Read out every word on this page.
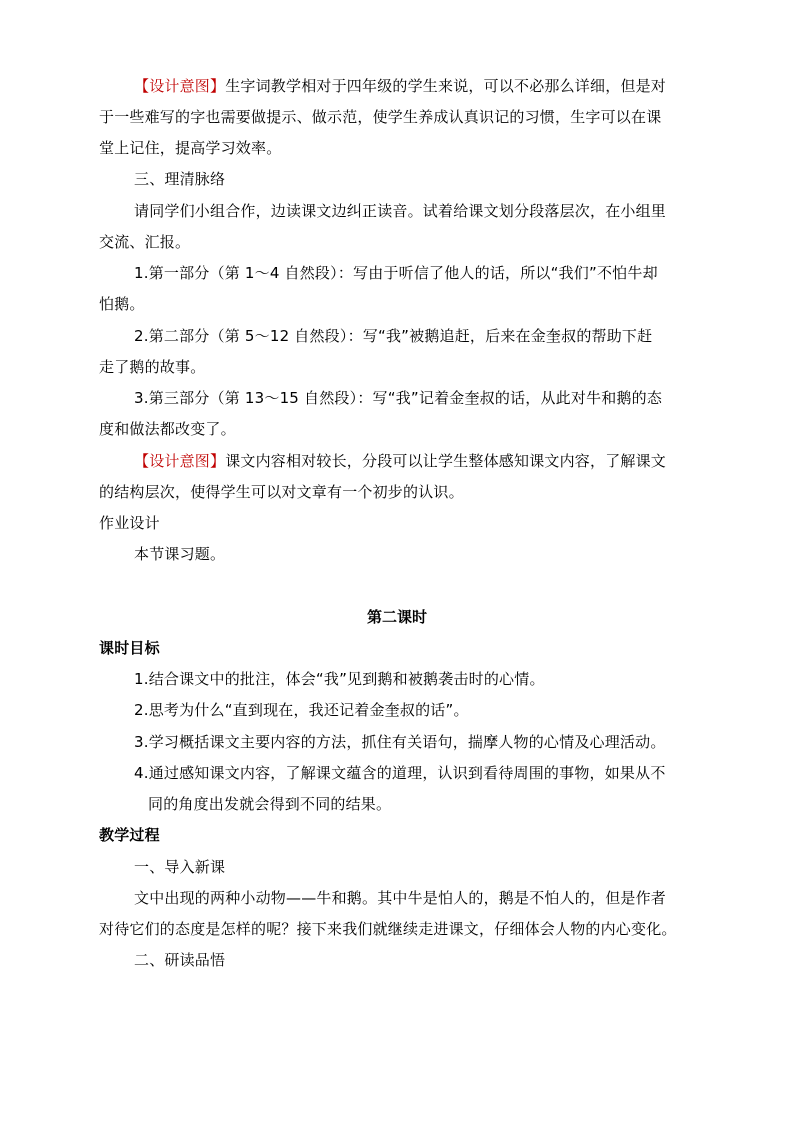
【设计意图】生字词教学相对于四年级的学生来说，可以不必那么详细，但是对
于一些难写的字也需要做提示、做示范，使学生养成认真识记的习惯，生字可以在课
堂上记住，提高学习效率。
三、理清脉络
请同学们小组合作，边读课文边纠正读音。试着给课文划分段落层次，在小组里
交流、汇报。
1.第一部分（第 1～4 自然段）：写由于听信了他人的话，所以“我们”不怕牛却
怕鹅。
2.第二部分（第 5～12 自然段）：写“我”被鹅追赶，后来在金奎叔的帮助下赶
走了鹅的故事。
3.第三部分（第 13～15 自然段）：写“我”记着金奎叔的话，从此对牛和鹅的态
度和做法都改变了。
【设计意图】课文内容相对较长，分段可以让学生整体感知课文内容，了解课文
的结构层次，使得学生可以对文章有一个初步的认识。
作业设计
本节课习题。
第二课时
课时目标
1.结合课文中的批注，体会“我”见到鹅和被鹅袭击时的心情。
2.思考为什么“直到现在，我还记着金奎叔的话”。
3.学习概括课文主要内容的方法，抓住有关语句，揣摩人物的心情及心理活动。
4.通过感知课文内容，了解课文蕴含的道理，认识到看待周围的事物，如果从不
同的角度出发就会得到不同的结果。
教学过程
一、导入新课
文中出现的两种小动物——牛和鹅。其中牛是怕人的，鹅是不怕人的，但是作者
对待它们的态度是怎样的呢？接下来我们就继续走进课文，仔细体会人物的内心变化。
二、研读品悟
